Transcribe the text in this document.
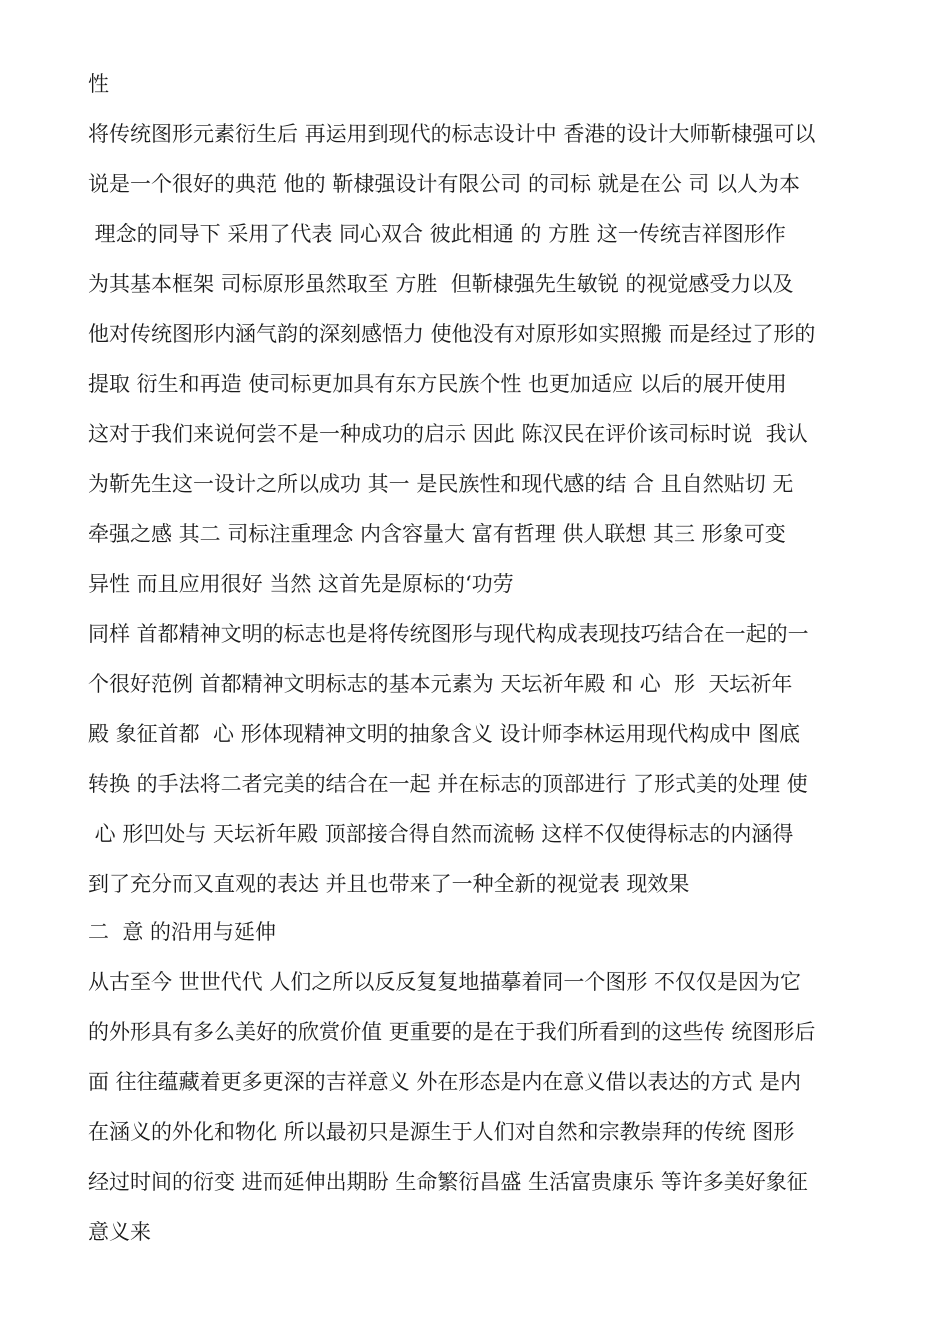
性

将传统图形元素衍生后 再运用到现代的标志设计中 香港的设计大师靳棣强可以

说是一个很好的典范 他的 靳棣强设计有限公司 的司标 就是在公 司 以人为本

理念的同导下 采用了代表 同心双合 彼此相通 的 方胜 这一传统吉祥图形作

为其基本框架 司标原形虽然取至 方胜  但靳棣强先生敏锐 的视觉感受力以及

他对传统图形内涵气韵的深刻感悟力 使他没有对原形如实照搬 而是经过了形的

提取 衍生和再造 使司标更加具有东方民族个性 也更加适应 以后的展开使用

这对于我们来说何尝不是一种成功的启示 因此 陈汉民在评价该司标时说  我认

为靳先生这一设计之所以成功 其一 是民族性和现代感的结 合 且自然贴切 无

牵强之感 其二 司标注重理念 内含容量大 富有哲理 供人联想 其三 形象可变

异性 而且应用很好 当然 这首先是原标的‘功劳

同样 首都精神文明的标志也是将传统图形与现代构成表现技巧结合在一起的一

个很好范例 首都精神文明标志的基本元素为 天坛祈年殿 和 心  形  天坛祈年

殿 象征首都  心 形体现精神文明的抽象含义 设计师李林运用现代构成中 图底

转换 的手法将二者完美的结合在一起 并在标志的顶部进行 了形式美的处理 使

心 形凹处与 天坛祈年殿 顶部接合得自然而流畅 这样不仅使得标志的内涵得

到了充分而又直观的表达 并且也带来了一种全新的视觉表 现效果

二  意 的沿用与延伸

从古至今 世世代代 人们之所以反反复复地描摹着同一个图形 不仅仅是因为它

的外形具有多么美好的欣赏价值 更重要的是在于我们所看到的这些传 统图形后

面 往往蕴藏着更多更深的吉祥意义 外在形态是内在意义借以表达的方式 是内

在涵义的外化和物化 所以最初只是源生于人们对自然和宗教崇拜的传统 图形

经过时间的衍变 进而延伸出期盼 生命繁衍昌盛 生活富贵康乐 等许多美好象征

意义来
